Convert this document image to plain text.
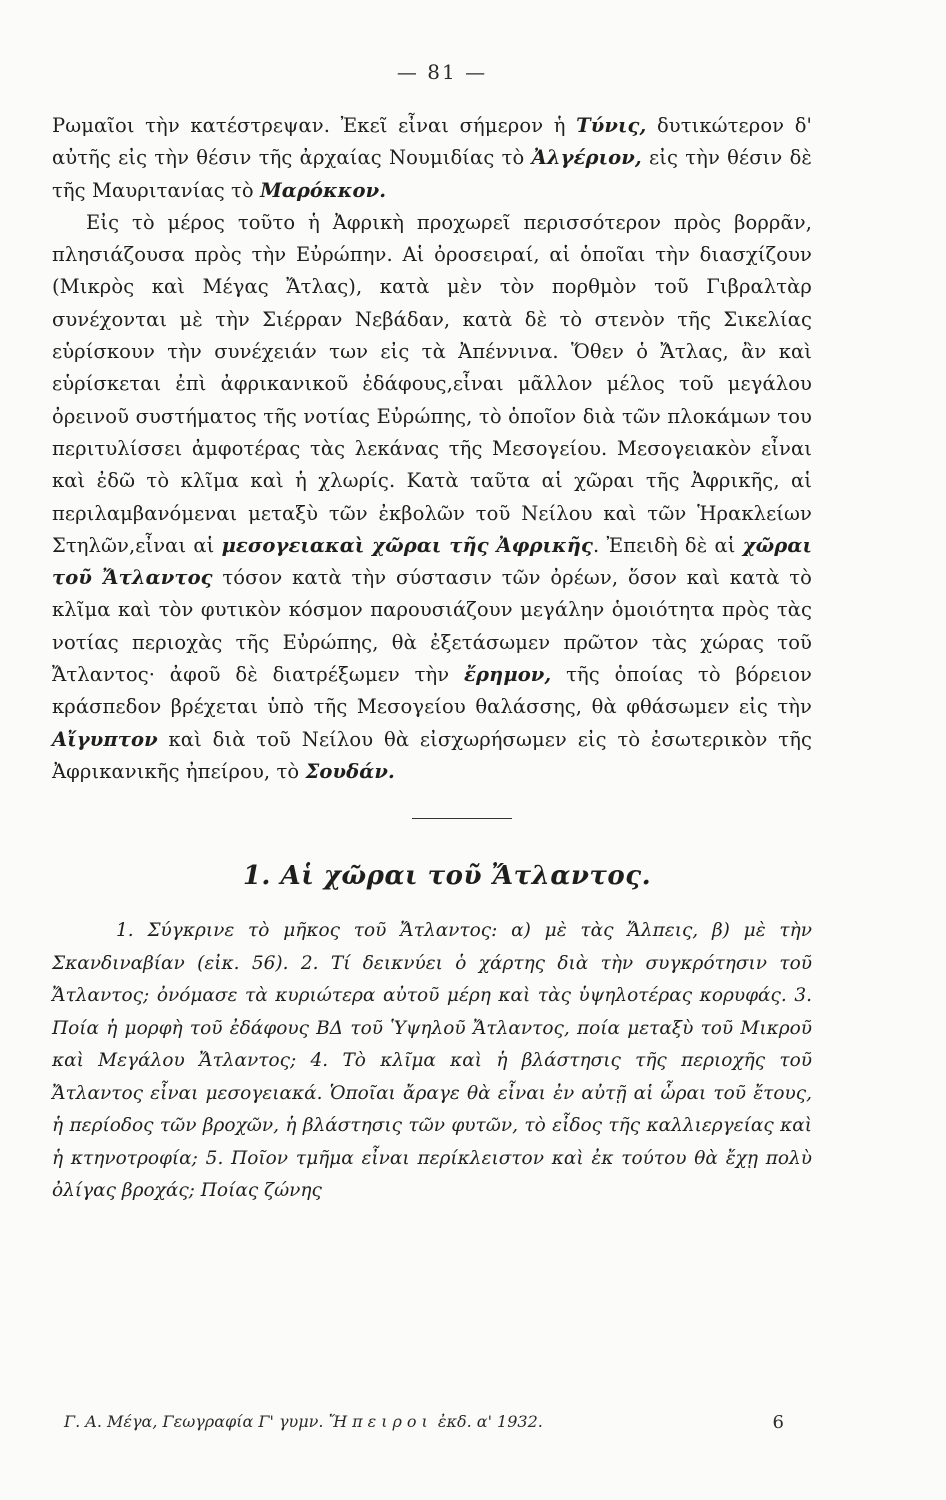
— 81 —

Ρωμαῖοι τὴν κατέστρεψαν. Ἐκεῖ εἶναι σήμερον ἡ Τύνις, δυτικώτερον δ' αὐτῆς εἰς τὴν θέσιν τῆς ἀρχαίας Νουμιδίας τὸ Ἀλγέριον, εἰς τὴν θέσιν δὲ τῆς Μαυριτανίας τὸ Μαρόκκον.

Εἰς τὸ μέρος τοῦτο ἡ Ἀφρικὴ προχωρεῖ περισσότερον πρὸς βορρᾶν, πλησιάζουσα πρὸς τὴν Εὐρώπην. Αἱ ὀροσειραί, αἱ ὁποῖαι τὴν διασχίζουν (Μικρὸς καὶ Μέγας Ἄτλας), κατὰ μὲν τὸν πορθμὸν τοῦ Γιβραλτὰρ συνέχονται μὲ τὴν Σιέρραν Νεβάδαν, κατὰ δὲ τὸ στενὸν τῆς Σικελίας εὑρίσκουν τὴν συνέχειάν των εἰς τὰ Ἀπέννινα. Ὅθεν ὁ Ἄτλας, ἂν καὶ εὑρίσκεται ἐπὶ ἀφρικανικοῦ ἐδάφους,εἶναι μᾶλλον μέλος τοῦ μεγάλου ὀρεινοῦ συστήματος τῆς νοτίας Εὐρώπης, τὸ ὁποῖον διὰ τῶν πλοκάμων του περιτυλίσσει ἀμφοτέρας τὰς λεκάνας τῆς Μεσογείου. Μεσογειακὸν εἶναι καὶ ἐδῶ τὸ κλῖμα καὶ ἡ χλωρίς. Κατὰ ταῦτα αἱ χῶραι τῆς Ἀφρικῆς, αἱ περιλαμβανόμεναι μεταξὺ τῶν ἐκβολῶν τοῦ Νείλου καὶ τῶν Ἡρακλείων Στηλῶν,εἶναι αἱ μεσογειακαὶ χῶραι τῆς Ἀφρικῆς. Ἐπειδὴ δὲ αἱ χῶραι τοῦ Ἄτλαντος τόσον κατὰ τὴν σύστασιν τῶν ὀρέων, ὅσον καὶ κατὰ τὸ κλῖμα καὶ τὸν φυτικὸν κόσμον παρουσιάζουν μεγάλην ὁμοιότητα πρὸς τὰς νοτίας περιοχὰς τῆς Εὐρώπης, θὰ ἐξετάσωμεν πρῶτον τὰς χώρας τοῦ Ἄτλαντος· ἀφοῦ δὲ διατρέξωμεν τὴν ἔρημον, τῆς ὁποίας τὸ βόρειον κράσπεδον βρέχεται ὑπὸ τῆς Μεσογείου θαλάσσης, θὰ φθάσωμεν εἰς τὴν Αἴγυπτον καὶ διὰ τοῦ Νείλου θὰ εἰσχωρήσωμεν εἰς τὸ ἐσωτερικὸν τῆς Ἀφρικανικῆς ἠπείρου, τὸ Σουδάν.

1. Αἱ χῶραι τοῦ Ἄτλαντος.

1. Σύγκρινε τὸ μῆκος τοῦ Ἄτλαντος: α) μὲ τὰς Ἄλπεις, β) μὲ τὴν Σκανδιναβίαν (εἰκ. 56). 2. Τί δεικνύει ὁ χάρτης διὰ τὴν συγκρότησιν τοῦ Ἄτλαντος; ὀνόμασε τὰ κυριώτερα αὐτοῦ μέρη καὶ τὰς ὑψηλοτέρας κορυφάς. 3. Ποία ἡ μορφὴ τοῦ ἐδάφους ΒΔ τοῦ Ὑψηλοῦ Ἄτλαντος, ποία μεταξὺ τοῦ Μικροῦ καὶ Μεγάλου Ἄτλαντος; 4. Τὸ κλῖμα καὶ ἡ βλάστησις τῆς περιοχῆς τοῦ Ἄτλαντος εἶναι μεσογειακά. Ὁποῖαι ἄραγε θὰ εἶναι ἐν αὐτῇ αἱ ὧραι τοῦ ἔτους, ἡ περίοδος τῶν βροχῶν, ἡ βλάστησις τῶν φυτῶν, τὸ εἶδος τῆς καλλιεργείας καὶ ἡ κτηνοτροφία; 5. Ποῖον τμῆμα εἶναι περίκλειστον καὶ ἐκ τούτου θὰ ἔχῃ πολὺ ὀλίγας βροχάς; Ποίας ζώνης

Γ. Α. Μέγα, Γεωγραφία Γ' γυμν. Ἤπειροι ἐκδ. α' 1932.	6
